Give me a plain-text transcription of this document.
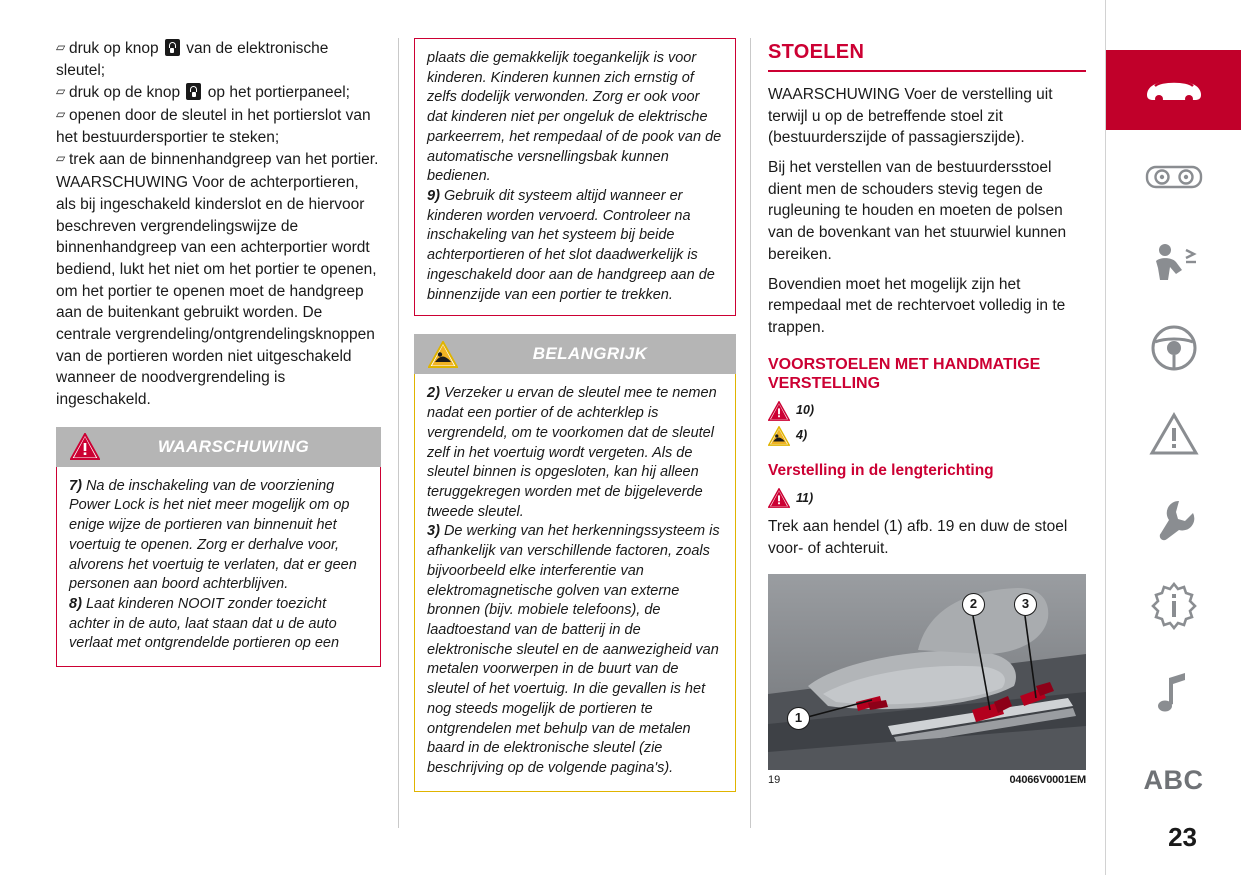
▱ druk op knop  van de elektronische sleutel;
▱ druk op de knop  op het portierpaneel;
▱ openen door de sleutel in het portierslot van het bestuurdersportier te steken;
▱ trek aan de binnenhandgreep van het portier.

WAARSCHUWING Voor de achterportieren, als bij ingeschakeld kinderslot en de hiervoor beschreven vergrendelingswijze de binnenhandgreep van een achterportier wordt bediend, lukt het niet om het portier te openen, om het portier te openen moet de handgreep aan de buitenkant gebruikt worden. De centrale vergrendeling/ontgrendelingsknoppen van de portieren worden niet uitgeschakeld wanneer de noodvergrendeling is ingeschakeld.

WAARSCHUWING

7) Na de inschakeling van de voorziening Power Lock is het niet meer mogelijk om op enige wijze de portieren van binnenuit het voertuig te openen. Zorg er derhalve voor, alvorens het voertuig te verlaten, dat er geen personen aan boord achterblijven.

8) Laat kinderen NOOIT zonder toezicht achter in de auto, laat staan dat u de auto verlaat met ontgrendelde portieren op een

plaats die gemakkelijk toegankelijk is voor kinderen. Kinderen kunnen zich ernstig of zelfs dodelijk verwonden. Zorg er ook voor dat kinderen niet per ongeluk de elektrische parkeerrem, het rempedaal of de pook van de automatische versnellingsbak kunnen bedienen.

9) Gebruik dit systeem altijd wanneer er kinderen worden vervoerd. Controleer na inschakeling van het systeem bij beide achterportieren of het slot daadwerkelijk is ingeschakeld door aan de handgreep aan de binnenzijde van een portier te trekken.

BELANGRIJK

2) Verzeker u ervan de sleutel mee te nemen nadat een portier of de achterklep is vergrendeld, om te voorkomen dat de sleutel zelf in het voertuig wordt vergeten. Als de sleutel binnen is opgesloten, kan hij alleen teruggekregen worden met de bijgeleverde tweede sleutel.

3) De werking van het herkenningssysteem is afhankelijk van verschillende factoren, zoals bijvoorbeeld elke interferentie van elektromagnetische golven van externe bronnen (bijv. mobiele telefoons), de laadtoestand van de batterij in de elektronische sleutel en de aanwezigheid van metalen voorwerpen in de buurt van de sleutel of het voertuig. In die gevallen is het nog steeds mogelijk de portieren te ontgrendelen met behulp van de metalen baard in de elektronische sleutel (zie beschrijving op de volgende pagina's).

STOELEN

WAARSCHUWING Voer de verstelling uit terwijl u op de betreffende stoel zit (bestuurderszijde of passagierszijde).

Bij het verstellen van de bestuurdersstoel dient men de schouders stevig tegen de rugleuning te houden en moeten de polsen van de bovenkant van het stuurwiel kunnen bereiken.

Bovendien moet het mogelijk zijn het rempedaal met de rechtervoet volledig in te trappen.

VOORSTOELEN MET HANDMATIGE VERSTELLING
10)
4)
Verstelling in de lengterichting
11)

Trek aan hendel (1) afb. 19 en duw de stoel voor- of achteruit.

1
2	3
19	04066V0001EM ABC
23
